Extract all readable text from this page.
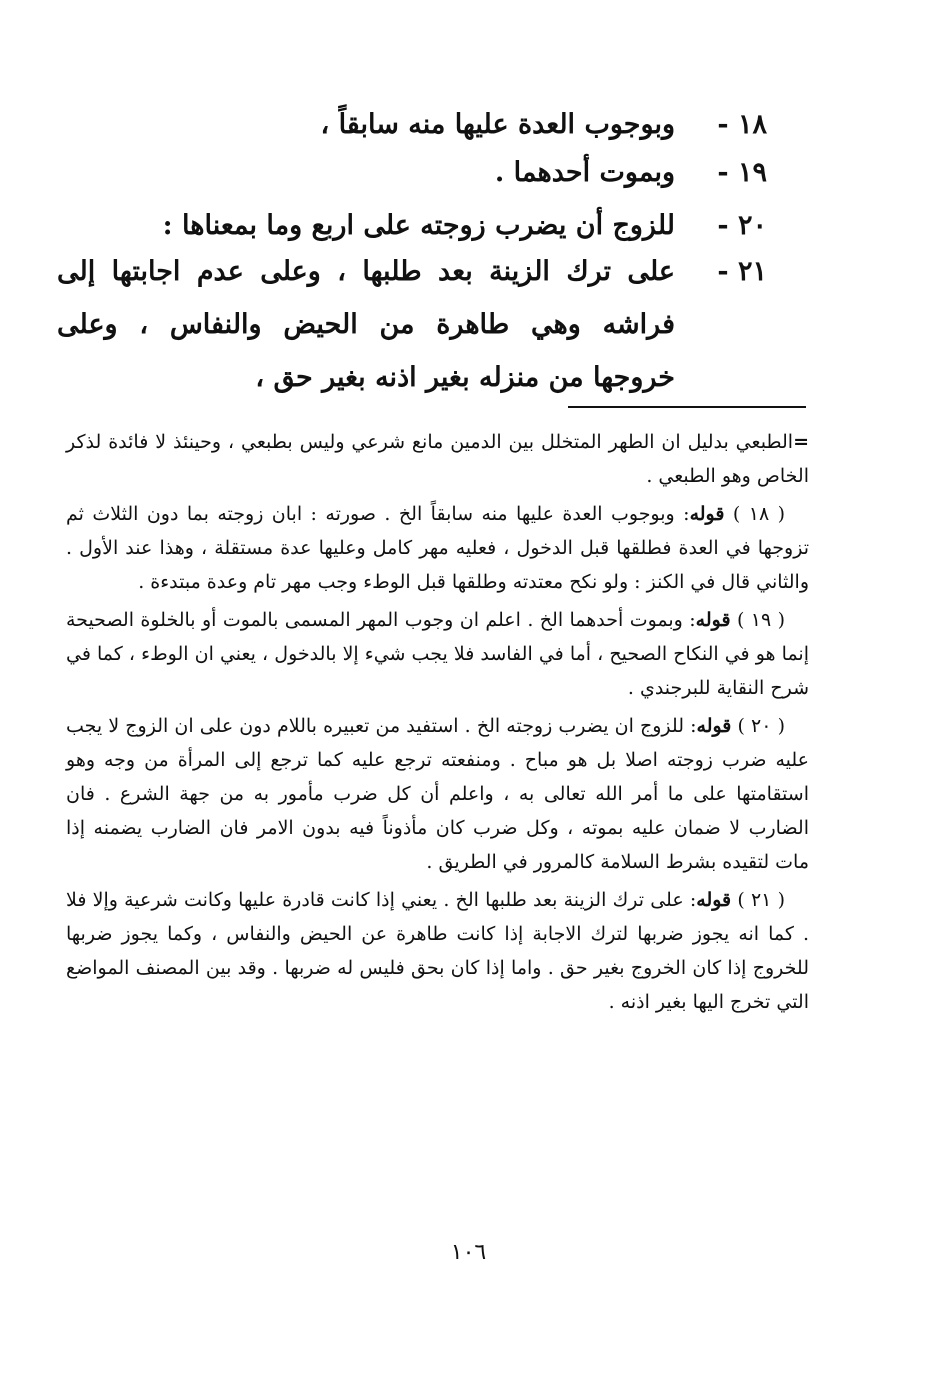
١٨ -
وبوجوب العدة عليها منه سابقاً ،
١٩ -
وبموت أحدهما .
٢٠ -
للزوج أن يضرب زوجته على اربع وما بمعناها :
٢١ -
على ترك الزينة بعد طلبها ، وعلى عدم اجابتها إلى فراشه وهي طاهرة من الحيض والنفاس ، وعلى خروجها من منزله بغير اذنه بغير حق ،

=الطبعي بدليل ان الطهر المتخلل بين الدمين مانع شرعي وليس بطبعي ، وحينئذ لا فائدة لذكر الخاص وهو الطبعي .

( ١٨ ) قوله: وبوجوب العدة عليها منه سابقاً الخ . صورته : ابان زوجته بما دون الثلاث ثم تزوجها في العدة فطلقها قبل الدخول ، فعليه مهر كامل وعليها عدة مستقلة ، وهذا عند الأول . والثاني قال في الكنز : ولو نكح معتدته وطلقها قبل الوطء وجب مهر تام وعدة مبتدءة .

( ١٩ ) قوله: وبموت أحدهما الخ . اعلم ان وجوب المهر المسمى بالموت أو بالخلوة الصحيحة إنما هو في النكاح الصحيح ، أما في الفاسد فلا يجب شيء إلا بالدخول ، يعني ان الوطء ، كما في شرح النقاية للبرجندي .

( ٢٠ ) قوله: للزوج ان يضرب زوجته الخ . استفيد من تعبيره باللام دون على ان الزوج لا يجب عليه ضرب زوجته اصلا بل هو مباح . ومنفعته ترجع عليه كما ترجع إلى المرأة من وجه وهو استقامتها على ما أمر الله تعالى به ، واعلم أن كل ضرب مأمور به من جهة الشرع . فان الضارب لا ضمان عليه بموته ، وكل ضرب كان مأذوناً فيه بدون الامر فان الضارب يضمنه إذا مات لتقيده بشرط السلامة كالمرور في الطريق .

( ٢١ ) قوله: على ترك الزينة بعد طلبها الخ . يعني إذا كانت قادرة عليها وكانت شرعية وإلا فلا . كما انه يجوز ضربها لترك الاجابة إذا كانت طاهرة عن الحيض والنفاس ، وكما يجوز ضربها للخروج إذا كان الخروج بغير حق . واما إذا كان بحق فليس له ضربها . وقد بين المصنف المواضع التي تخرج اليها بغير اذنه .

١٠٦
